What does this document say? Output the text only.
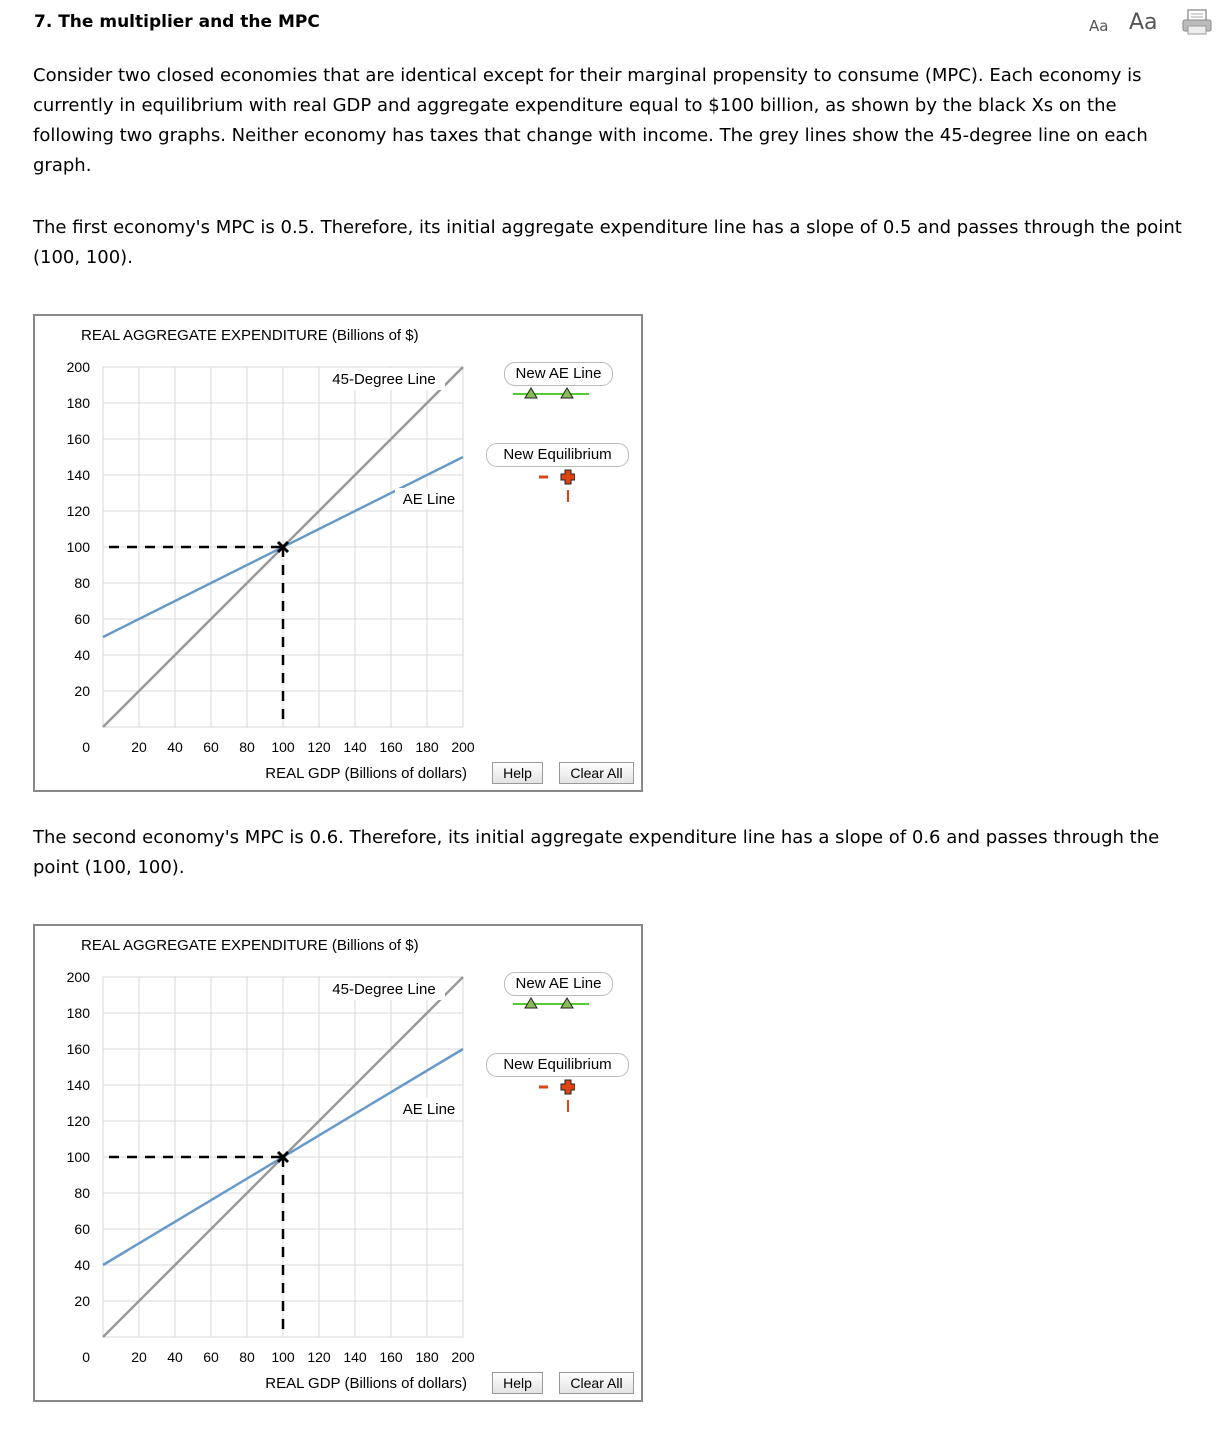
7. The multiplier and the MPC	Aa Aa
Consider two closed economies that are identical except for their marginal propensity to consume (MPC). Each economy is currently in equilibrium with real GDP and aggregate expenditure equal to $100 billion, as shown by the black Xs on the following two graphs. Neither economy has taxes that change with income. The grey lines show the 45-degree line on each graph.
The first economy's MPC is 0.5. Therefore, its initial aggregate expenditure line has a slope of 0.5 and passes through the point (100, 100).
20 40 60 80 100 120 140 160 180 200
20
40
60
80
100
120
140
160
180
200
0
REAL AGGREGATE EXPENDITURE (Billions of $)
REAL GDP (Billions of dollars)
45-Degree Line
AE Line
New AE Line
New Equilibrium
Help	Clear All
The second economy's MPC is 0.6. Therefore, its initial aggregate expenditure line has a slope of 0.6 and passes through the point (100, 100).
20 40 60 80 100 120 140 160 180 200
20
40
60
80
100
120
140
160
180
200
0
REAL AGGREGATE EXPENDITURE (Billions of $)
REAL GDP (Billions of dollars)
45-Degree Line
AE Line
New AE Line
New Equilibrium
Help	Clear All
